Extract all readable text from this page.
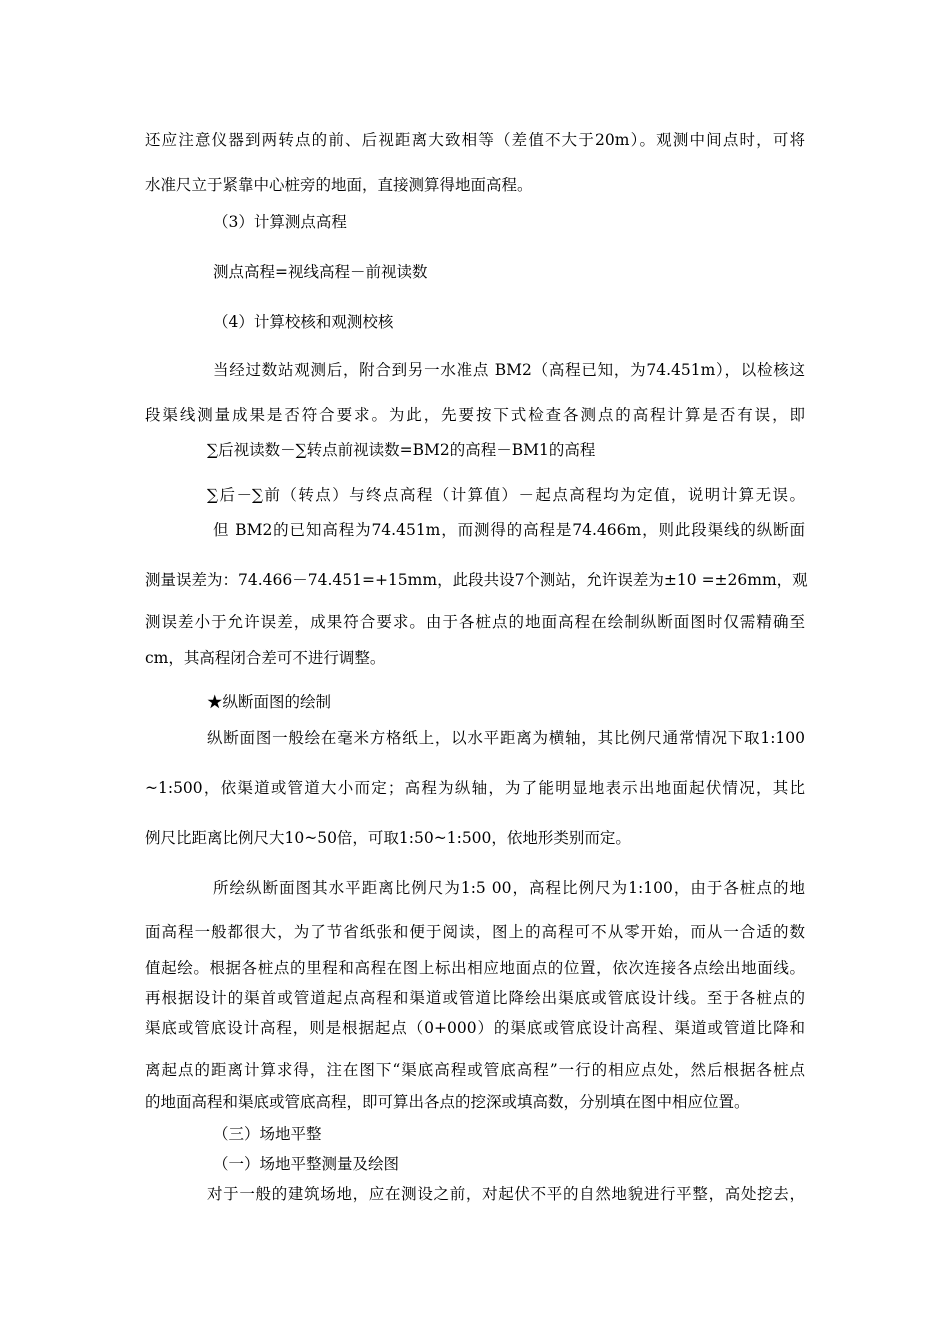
还应注意仪器到两转点的前、后视距离大致相等（差值不大于20m）。观测中间点时，可将
水准尺立于紧靠中心桩旁的地面，直接测算得地面高程。
（3）计算测点高程
测点高程=视线高程－前视读数
（4）计算校核和观测校核
当经过数站观测后，附合到另一水准点 BM2（高程已知，为74.451m），以检核这
段渠线测量成果是否符合要求。为此，先要按下式检查各测点的高程计算是否有误，即
∑后视读数－∑转点前视读数=BM2的高程－BM1的高程
∑后－∑前（转点）与终点高程（计算值）－起点高程均为定值，说明计算无误。
但 BM2的已知高程为74.451m，而测得的高程是74.466m，则此段渠线的纵断面
测量误差为：74.466－74.451=+15mm，此段共设7个测站，允许误差为±10 =±26mm，观
测误差小于允许误差，成果符合要求。由于各桩点的地面高程在绘制纵断面图时仅需精确至
cm，其高程闭合差可不进行调整。
★纵断面图的绘制
纵断面图一般绘在毫米方格纸上，以水平距离为横轴，其比例尺通常情况下取1:100
~1:500，依渠道或管道大小而定；高程为纵轴，为了能明显地表示出地面起伏情况，其比
例尺比距离比例尺大10~50倍，可取1:50~1:500，依地形类别而定。
所绘纵断面图其水平距离比例尺为1:5 00，高程比例尺为1:100，由于各桩点的地
面高程一般都很大，为了节省纸张和便于阅读，图上的高程可不从零开始，而从一合适的数
值起绘。根据各桩点的里程和高程在图上标出相应地面点的位置，依次连接各点绘出地面线。
再根据设计的渠首或管道起点高程和渠道或管道比降绘出渠底或管底设计线。至于各桩点的
渠底或管底设计高程，则是根据起点（0+000）的渠底或管底设计高程、渠道或管道比降和
离起点的距离计算求得，注在图下“渠底高程或管底高程”一行的相应点处，然后根据各桩点
的地面高程和渠底或管底高程，即可算出各点的挖深或填高数，分别填在图中相应位置。
（三）场地平整
（一）场地平整测量及绘图
对于一般的建筑场地，应在测设之前，对起伏不平的自然地貌进行平整，高处挖去，
